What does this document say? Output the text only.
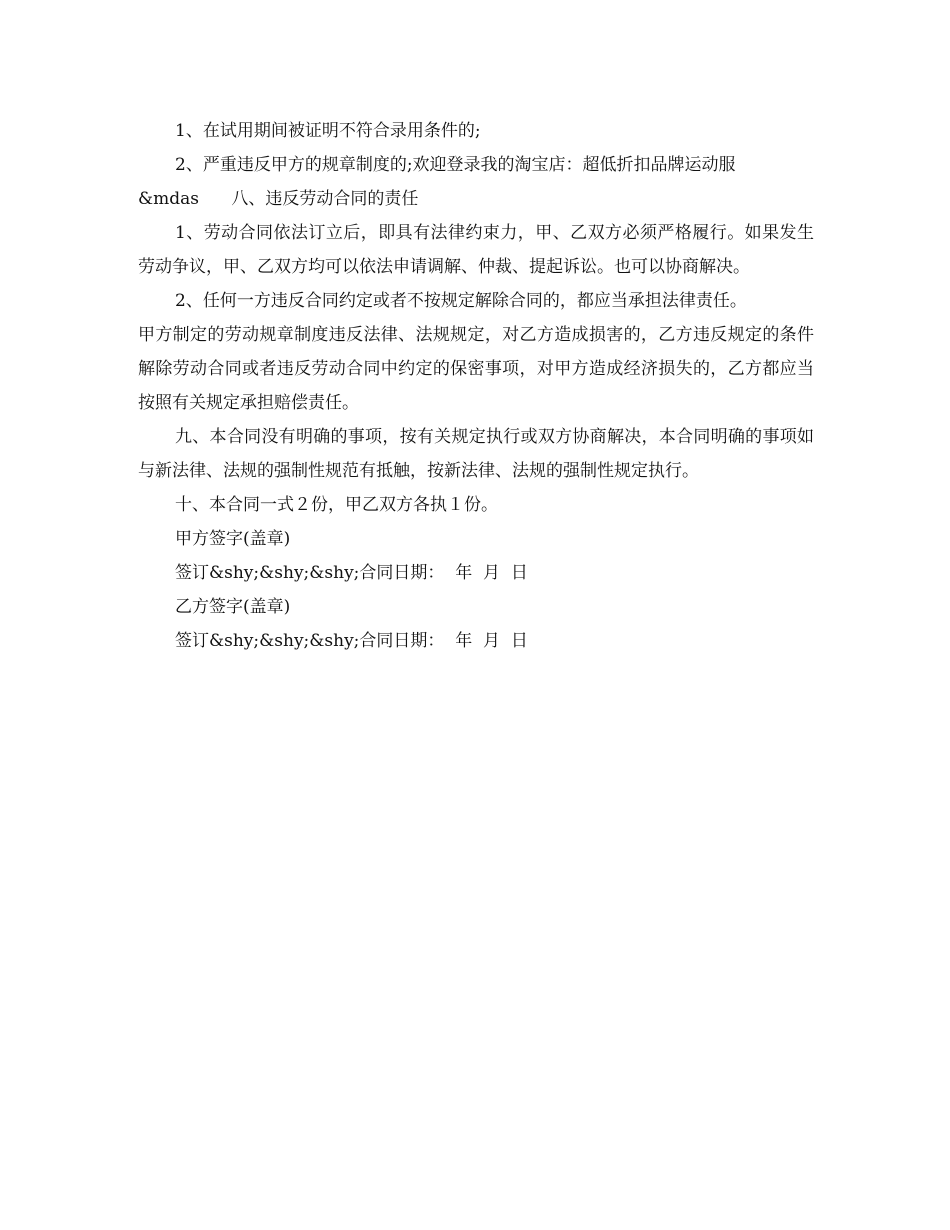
1、在试用期间被证明不符合录用条件的;

2、严重违反甲方的规章制度的;欢迎登录我的淘宝店：超低折扣品牌运动服

&mdas      八、违反劳动合同的责任

1、劳动合同依法订立后，即具有法律约束力，甲、乙双方必须严格履行。如果发生劳动争议，甲、乙双方均可以依法申请调解、仲裁、提起诉讼。也可以协商解决。

2、任何一方违反合同约定或者不按规定解除合同的，都应当承担法律责任。

甲方制定的劳动规章制度违反法律、法规规定，对乙方造成损害的，乙方违反规定的条件解除劳动合同或者违反劳动合同中约定的保密事项，对甲方造成经济损失的，乙方都应当按照有关规定承担赔偿责任。

九、本合同没有明确的事项，按有关规定执行或双方协商解决，本合同明确的事项如与新法律、法规的强制性规范有抵触，按新法律、法规的强制性规定执行。

十、本合同一式２份，甲乙双方各执１份。

甲方签字(盖章)

签订&shy;&shy;&shy;合同日期：  年  月  日

乙方签字(盖章)

签订&shy;&shy;&shy;合同日期：  年  月  日
